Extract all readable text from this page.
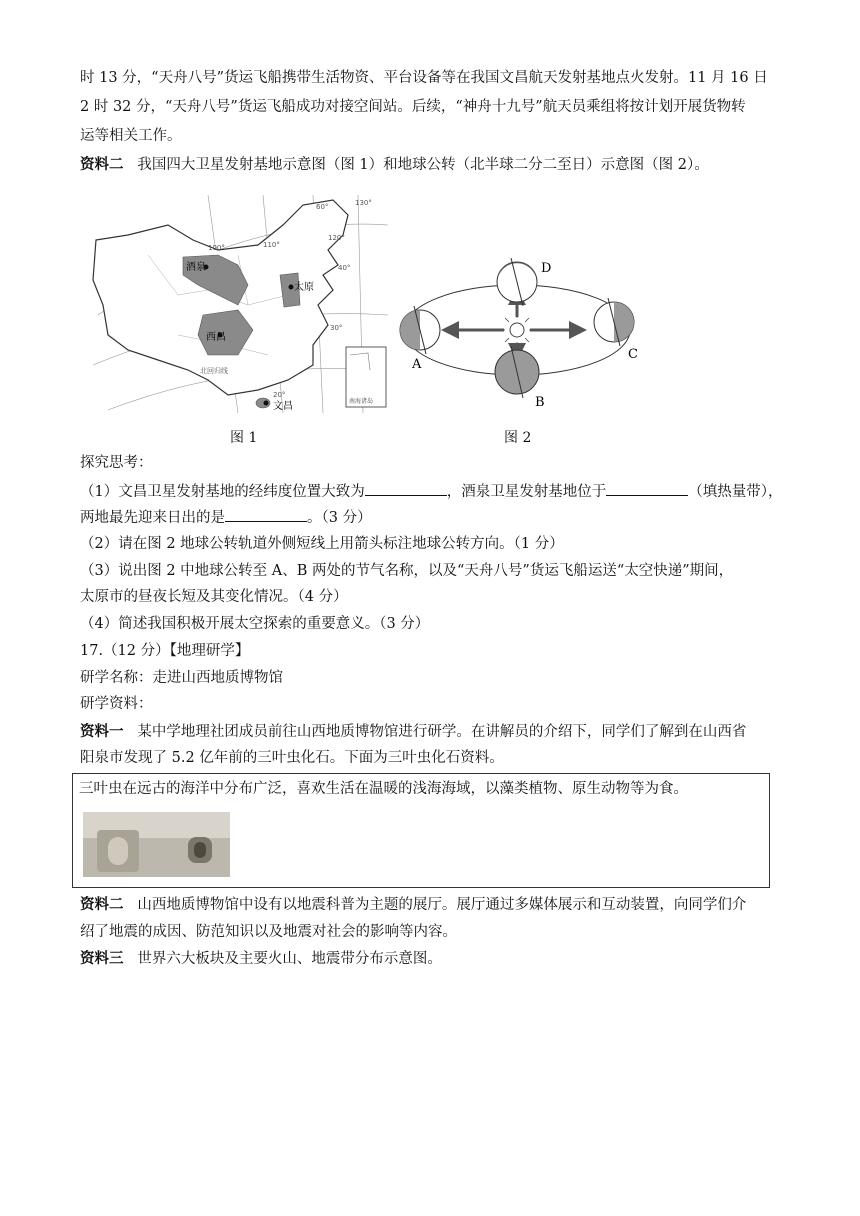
时 13 分，“天舟八号”货运飞船携带生活物资、平台设备等在我国文昌航天发射基地点火发射。11 月 16 日
2 时 32 分，“天舟八号”货运飞船成功对接空间站。后续，“神舟十九号”航天员乘组将按计划开展货物转
运等相关工作。
资料二 我国四大卫星发射基地示意图（图 1）和地球公转（北半球二分二至日）示意图（图 2）。
酒泉
太原
西昌
文昌
100°	110°
120°
130°
40°
30°
20°
60°
北回归线
南海诸岛
图 1
A
B
C
D
图 2
探究思考：
（1）文昌卫星发射基地的经纬度位置大致为	，酒泉卫星发射基地位于	（填热量带），
两地最先迎来日出的是	。（3 分）
（2）请在图 2 地球公转轨道外侧短线上用箭头标注地球公转方向。（1 分）
（3）说出图 2 中地球公转至 A、B 两处的节气名称，以及“天舟八号”货运飞船运送“太空快递”期间，
太原市的昼夜长短及其变化情况。（4 分）
（4）简述我国积极开展太空探索的重要意义。（3 分）
17.（12 分）【地理研学】
研学名称：走进山西地质博物馆
研学资料：
资料一 某中学地理社团成员前往山西地质博物馆进行研学。在讲解员的介绍下，同学们了解到在山西省
阳泉市发现了 5.2 亿年前的三叶虫化石。下面为三叶虫化石资料。
三叶虫在远古的海洋中分布广泛，喜欢生活在温暖的浅海海域，以藻类植物、原生动物等为食。
资料二 山西地质博物馆中设有以地震科普为主题的展厅。展厅通过多媒体展示和互动装置，向同学们介
绍了地震的成因、防范知识以及地震对社会的影响等内容。
资料三 世界六大板块及主要火山、地震带分布示意图。
